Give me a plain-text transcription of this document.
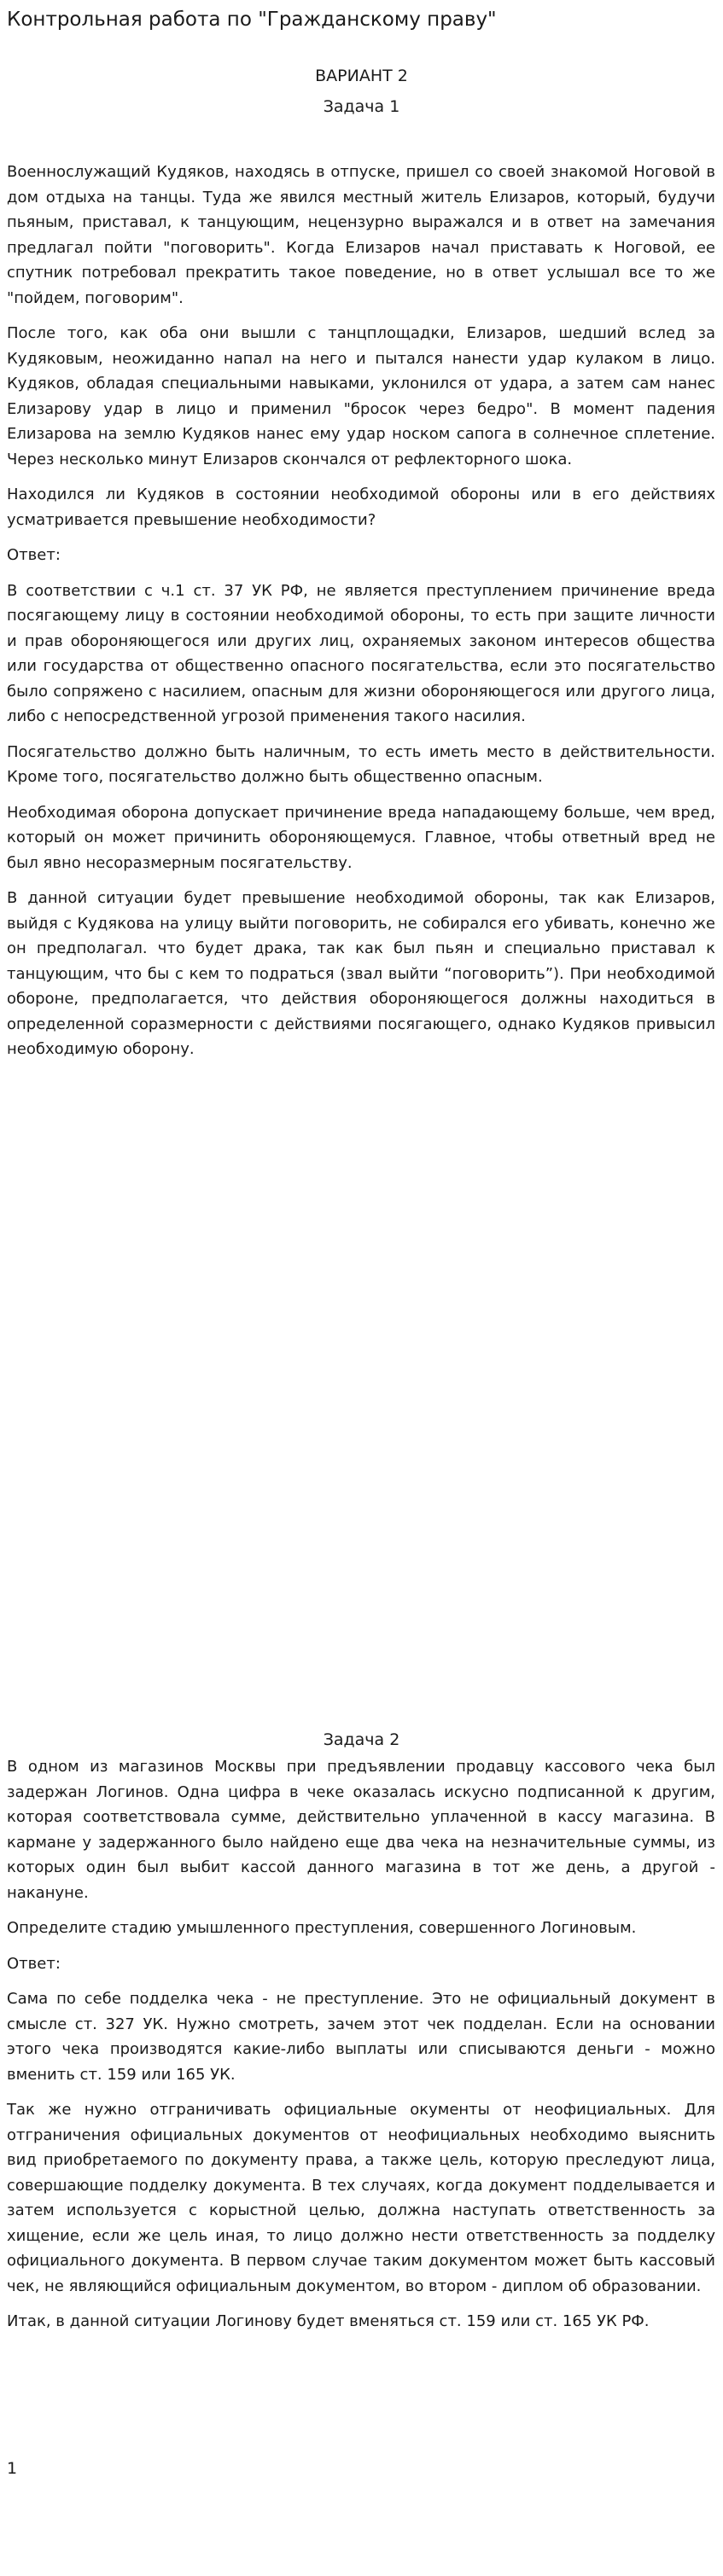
Контрольная работа по "Гражданскому праву"
ВАРИАНТ 2
Задача 1

Военнослужащий Кудяков, находясь в отпуске, пришел со своей знакомой Ноговой в дом отдыха на танцы. Туда же явился местный житель Елизаров, который, будучи пьяным, приставал, к танцующим, нецензурно выражался и в ответ на замечания предлагал пойти "поговорить". Когда Елизаров начал приставать к Ноговой, ее спутник потребовал прекратить такое поведение, но в ответ услышал все то же "пойдем, поговорим".

После того, как оба они вышли с танцплощадки, Елизаров, шедший вслед за Кудяковым, неожиданно напал на него и пытался нанести удар кулаком в лицо. Кудяков, обладая специальными навыками, уклонился от удара, а затем сам нанес Елизарову удар в лицо и применил "бросок через бедро". В момент падения Елизарова на землю Кудяков нанес ему удар носком сапога в солнечное сплетение. Через несколько минут Елизаров скончался от рефлекторного шока.

Находился ли Кудяков в состоянии необходимой обороны или в его действиях усматривается превышение необходимости?

Ответ:

В соответствии с ч.1 ст. 37 УК РФ, не является преступлением причинение вреда посягающему лицу в состоянии необходимой обороны, то есть при защите личности и прав обороняющегося или других лиц, охраняемых законом интересов общества или государства от общественно опасного посягательства, если это посягательство было сопряжено с насилием, опасным для жизни обороняющегося или другого лица, либо с непосредственной угрозой применения такого насилия.

Посягательство должно быть наличным, то есть иметь место в действительности. Кроме того, посягательство должно быть общественно опасным.

Необходимая оборона допускает причинение вреда нападающему больше, чем вред, который он может причинить обороняющемуся. Главное, чтобы ответный вред не был явно несоразмерным посягательству.

В данной ситуации будет превышение необходимой обороны, так как Елизаров, выйдя с Кудякова на улицу выйти поговорить, не собирался его убивать, конечно же он предполагал. что будет драка, так как был пьян и специально приставал к танцующим, что бы с кем то подраться (звал выйти “поговорить”). При необходимой обороне, предполагается, что действия обороняющегося должны находиться в определенной соразмерности с действиями посягающего, однако Кудяков привысил необходимую оборону.

Задача 2

В одном из магазинов Москвы при предъявлении продавцу кассового чека был задержан Логинов. Одна цифра в чеке оказалась искусно подписанной к другим, которая соответствовала сумме, действительно уплаченной в кассу магазина. В кармане у задержанного было найдено еще два чека на незначительные суммы, из которых один был выбит кассой данного магазина в тот же день, а другой - накануне.

Определите стадию умышленного преступления, совершенного Логиновым.

Ответ:

Сама по себе подделка чека - не преступление. Это не официальный документ в смысле ст. 327 УК. Нужно смотреть, зачем этот чек подделан. Если на основании этого чека производятся какие-либо выплаты или списываются деньги - можно вменить ст. 159 или 165 УК.

Так же нужно отграничивать официальные окументы от неофициальных. Для отграничения официальных документов от неофициальных необходимо выяснить вид приобретаемого по документу права, а также цель, которую преследуют лица, совершающие подделку документа. В тех случаях, когда документ подделывается и затем используется с корыстной целью, должна наступать ответственность за хищение, если же цель иная, то лицо должно нести ответственность за подделку официального документа. В первом случае таким документом может быть кассовый чек, не являющийся официальным документом, во втором - диплом об образовании.

Итак, в данной ситуации Логинову будет вменяться ст. 159 или ст. 165 УК РФ.

1
